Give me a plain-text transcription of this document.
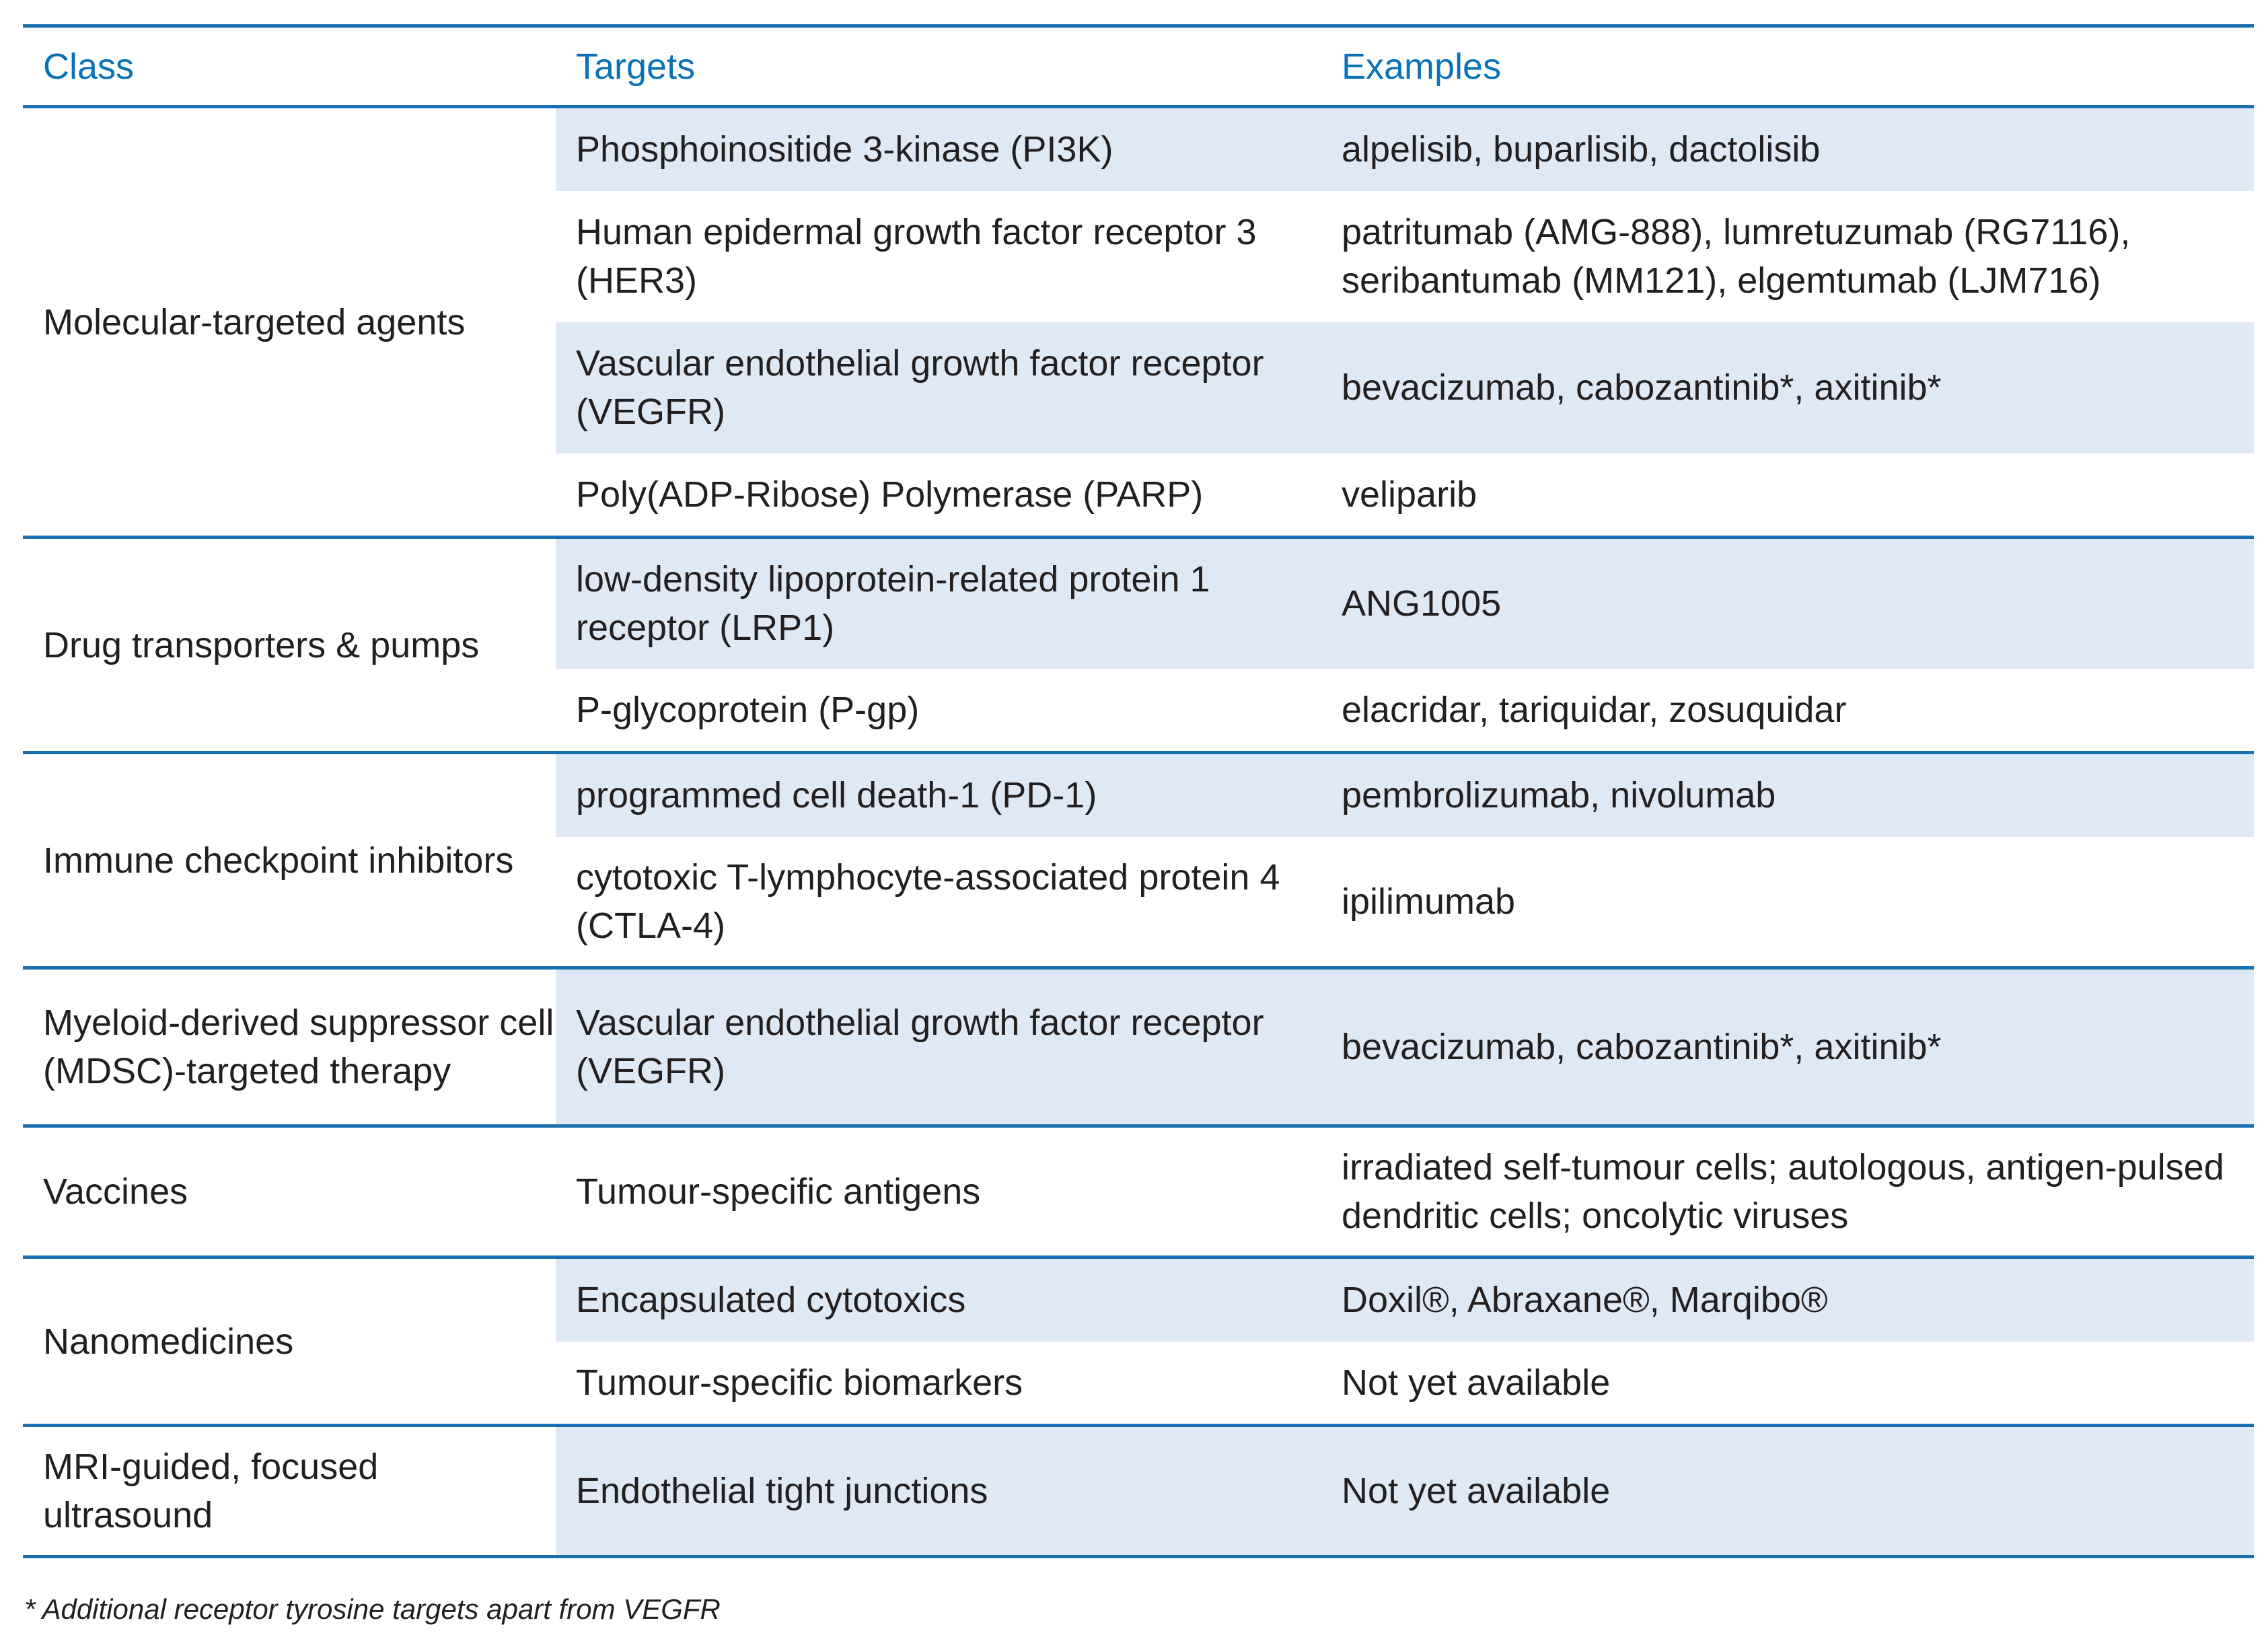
Class	Targets	Examples
Molecular-targeted agents	Phosphoinositide 3-kinase (PI3K)	alpelisib, buparlisib, dactolisib
	Human epidermal growth factor receptor 3 (HER3)	patritumab (AMG-888), lumretuzumab (RG7116), seribantumab (MM121), elgemtumab (LJM716)
	Vascular endothelial growth factor receptor (VEGFR)	bevacizumab, cabozantinib*, axitinib*
	Poly(ADP-Ribose) Polymerase (PARP)	veliparib
Drug transporters & pumps	low-density lipoprotein-related protein 1 receptor (LRP1)	ANG1005
	P-glycoprotein (P-gp)	elacridar, tariquidar, zosuquidar
Immune checkpoint inhibitors	programmed cell death-1 (PD-1)	pembrolizumab, nivolumab
	cytotoxic T-lymphocyte-associated protein 4 (CTLA-4)	ipilimumab
Myeloid-derived suppressor cell (MDSC)-targeted therapy	Vascular endothelial growth factor receptor (VEGFR)	bevacizumab, cabozantinib*, axitinib*
Vaccines	Tumour-specific antigens	irradiated self-tumour cells; autologous, antigen-pulsed dendritic cells; oncolytic viruses
Nanomedicines	Encapsulated cytotoxics	Doxil®, Abraxane®, Marqibo®
	Tumour-specific biomarkers	Not yet available
MRI-guided, focused ultrasound	Endothelial tight junctions	Not yet available
* Additional receptor tyrosine targets apart from VEGFR
